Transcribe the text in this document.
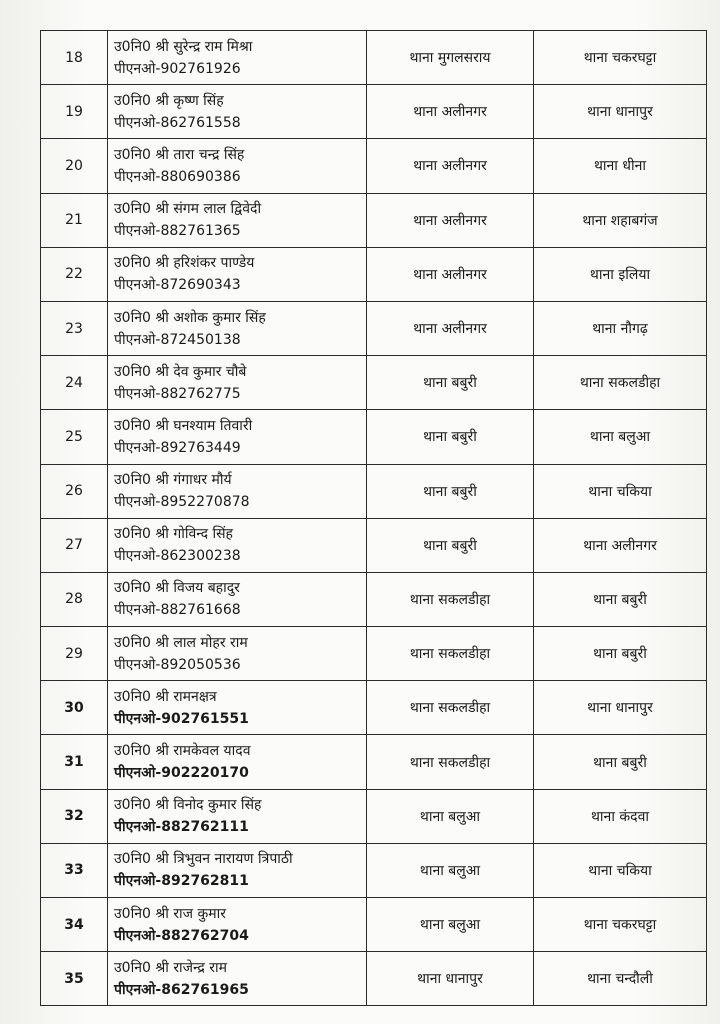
18	उ0नि0 श्री सुरेन्द्र राम मिश्रा
पीएनओ-902761926	थाना मुगलसराय	थाना चकरघट्टा
19	उ0नि0 श्री कृष्ण सिंह
पीएनओ-862761558	थाना अलीनगर	थाना धानापुर
20	उ0नि0 श्री तारा चन्द्र सिंह
पीएनओ-880690386	थाना अलीनगर	थाना धीना
21	उ0नि0 श्री संगम लाल द्विवेदी
पीएनओ-882761365	थाना अलीनगर	थाना शहाबगंज
22	उ0नि0 श्री हरिशंकर पाण्डेय
पीएनओ-872690343	थाना अलीनगर	थाना इलिया
23	उ0नि0 श्री अशोक कुमार सिंह
पीएनओ-872450138	थाना अलीनगर	थाना नौगढ़
24	उ0नि0 श्री देव कुमार चौबे
पीएनओ-882762775	थाना बबुरी	थाना सकलडीहा
25	उ0नि0 श्री घनश्याम तिवारी
पीएनओ-892763449	थाना बबुरी	थाना बलुआ
26	उ0नि0 श्री गंगाधर मौर्य
पीएनओ-8952270878	थाना बबुरी	थाना चकिया
27	उ0नि0 श्री गोविन्द सिंह
पीएनओ-862300238	थाना बबुरी	थाना अलीनगर
28	उ0नि0 श्री विजय बहादुर
पीएनओ-882761668	थाना सकलडीहा	थाना बबुरी
29	उ0नि0 श्री लाल मोहर राम
पीएनओ-892050536	थाना सकलडीहा	थाना बबुरी
30	उ0नि0 श्री रामनक्षत्र
पीएनओ-902761551	थाना सकलडीहा	थाना धानापुर
31	उ0नि0 श्री रामकेवल यादव
पीएनओ-902220170	थाना सकलडीहा	थाना बबुरी
32	उ0नि0 श्री विनोद कुमार सिंह
पीएनओ-882762111	थाना बलुआ	थाना कंदवा
33	उ0नि0 श्री त्रिभुवन नारायण त्रिपाठी
पीएनओ-892762811	थाना बलुआ	थाना चकिया
34	उ0नि0 श्री राज कुमार
पीएनओ-882762704	थाना बलुआ	थाना चकरघट्टा
35	उ0नि0 श्री राजेन्द्र राम
पीएनओ-862761965	थाना धानापुर	थाना चन्दौली
